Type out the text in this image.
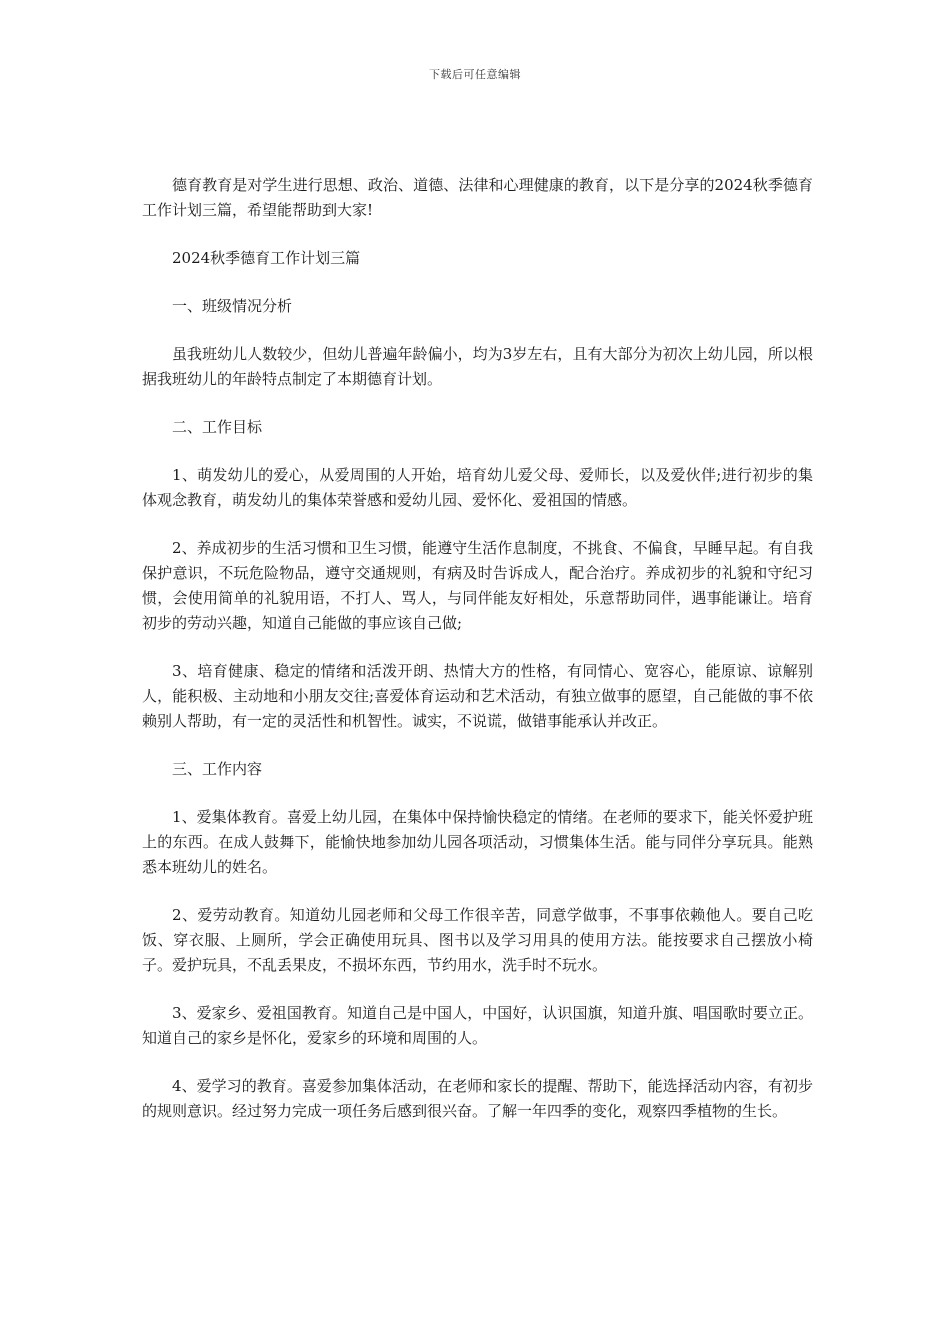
下载后可任意编辑

德育教育是对学生进行思想、政治、道德、法律和心理健康的教育，以下是分享的2024秋季德育工作计划三篇，希望能帮助到大家!

2024秋季德育工作计划三篇

一、班级情况分析

虽我班幼儿人数较少，但幼儿普遍年龄偏小，均为3岁左右，且有大部分为初次上幼儿园，所以根据我班幼儿的年龄特点制定了本期德育计划。

二、工作目标

1、萌发幼儿的爱心，从爱周围的人开始，培育幼儿爱父母、爱师长，以及爱伙伴;进行初步的集体观念教育，萌发幼儿的集体荣誉感和爱幼儿园、爱怀化、爱祖国的情感。

2、养成初步的生活习惯和卫生习惯，能遵守生活作息制度，不挑食、不偏食，早睡早起。有自我保护意识，不玩危险物品，遵守交通规则，有病及时告诉成人，配合治疗。养成初步的礼貌和守纪习惯，会使用简单的礼貌用语，不打人、骂人，与同伴能友好相处，乐意帮助同伴，遇事能谦让。培育初步的劳动兴趣，知道自己能做的事应该自己做;

3、培育健康、稳定的情绪和活泼开朗、热情大方的性格，有同情心、宽容心，能原谅、谅解别人，能积极、主动地和小朋友交往;喜爱体育运动和艺术活动，有独立做事的愿望，自己能做的事不依赖别人帮助，有一定的灵活性和机智性。诚实，不说谎，做错事能承认并改正。

三、工作内容

1、爱集体教育。喜爱上幼儿园，在集体中保持愉快稳定的情绪。在老师的要求下，能关怀爱护班上的东西。在成人鼓舞下，能愉快地参加幼儿园各项活动，习惯集体生活。能与同伴分享玩具。能熟悉本班幼儿的姓名。

2、爱劳动教育。知道幼儿园老师和父母工作很辛苦，同意学做事，不事事依赖他人。要自己吃饭、穿衣服、上厕所，学会正确使用玩具、图书以及学习用具的使用方法。能按要求自己摆放小椅子。爱护玩具，不乱丢果皮，不损坏东西，节约用水，洗手时不玩水。

3、爱家乡、爱祖国教育。知道自己是中国人，中国好，认识国旗，知道升旗、唱国歌时要立正。知道自己的家乡是怀化，爱家乡的环境和周围的人。

4、爱学习的教育。喜爱参加集体活动，在老师和家长的提醒、帮助下，能选择活动内容，有初步的规则意识。经过努力完成一项任务后感到很兴奋。了解一年四季的变化，观察四季植物的生长。
